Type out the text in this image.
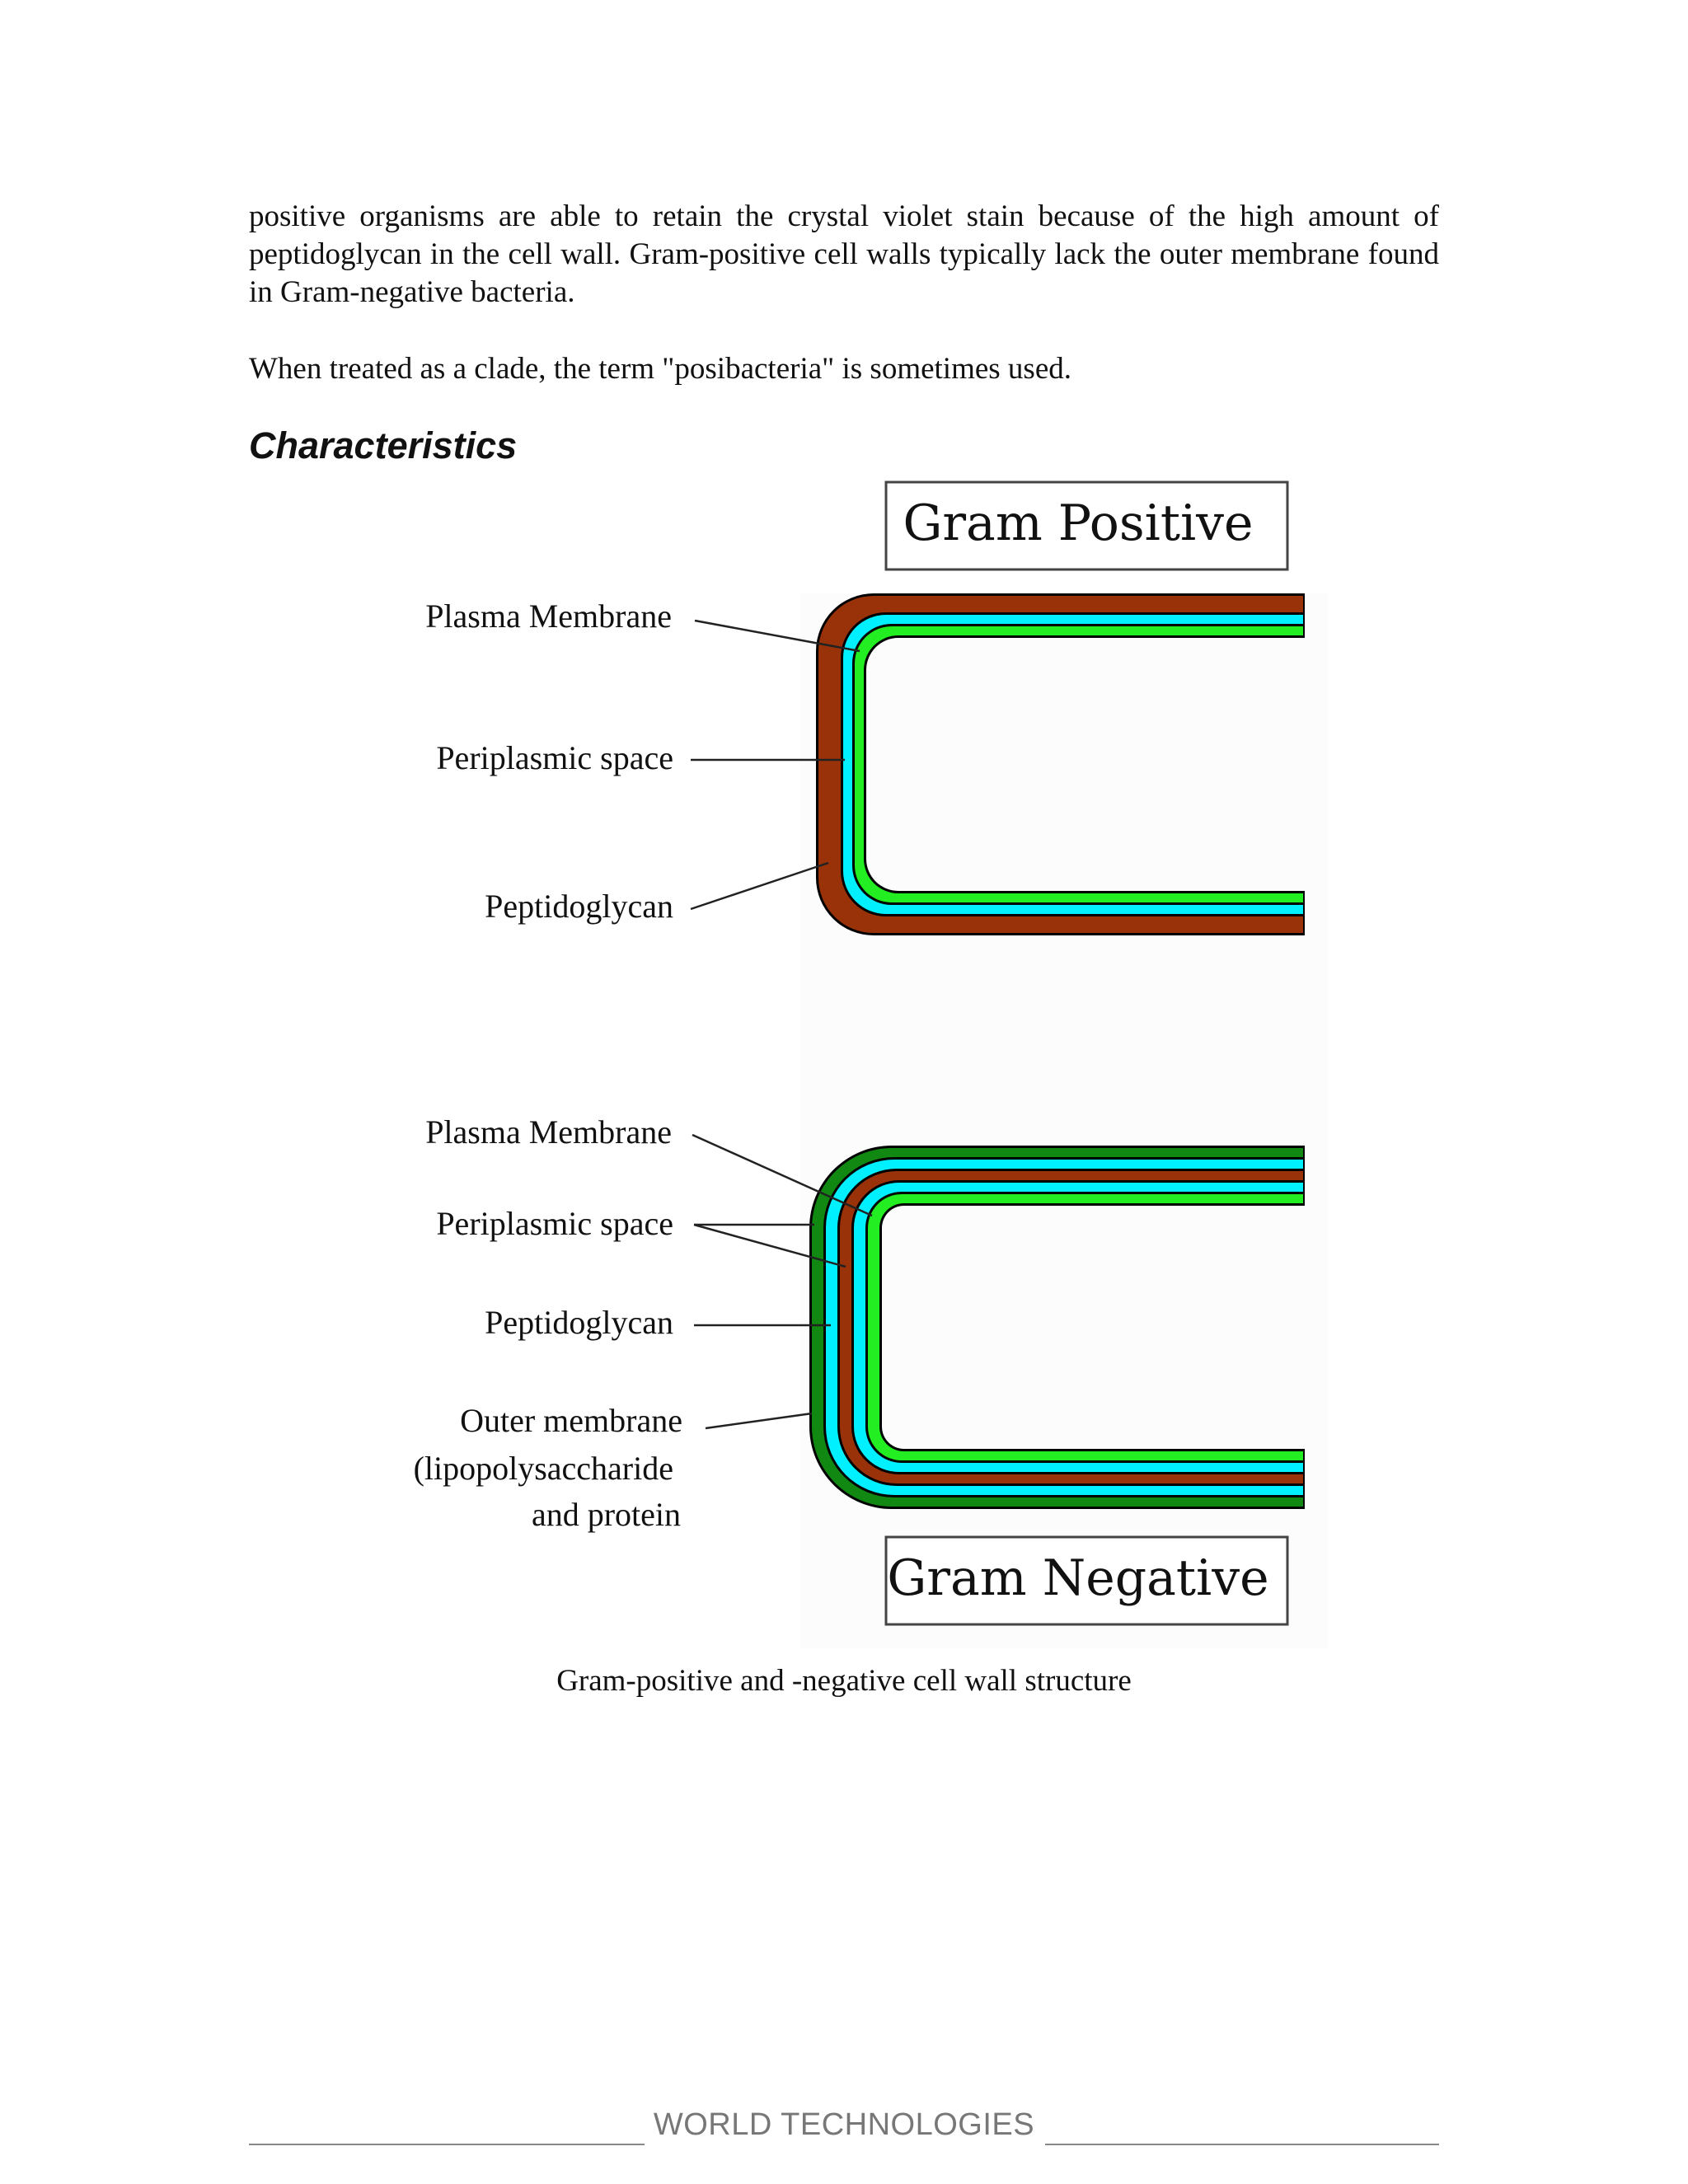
positive organisms are able to retain the crystal violet stain because of the high amount of peptidoglycan in the cell wall. Gram-positive cell walls typically lack the outer membrane found in Gram-negative bacteria.

When treated as a clade, the term "posibacteria" is sometimes used.

Characteristics
Gram Positive
Plasma Membrane
Periplasmic space
Peptidoglycan
Plasma Membrane
Periplasmic space
Peptidoglycan
Outer membrane
(lipopolysaccharide
and protein
Gram Negative

Gram-positive and -negative cell wall structure

WORLD TECHNOLOGIES
